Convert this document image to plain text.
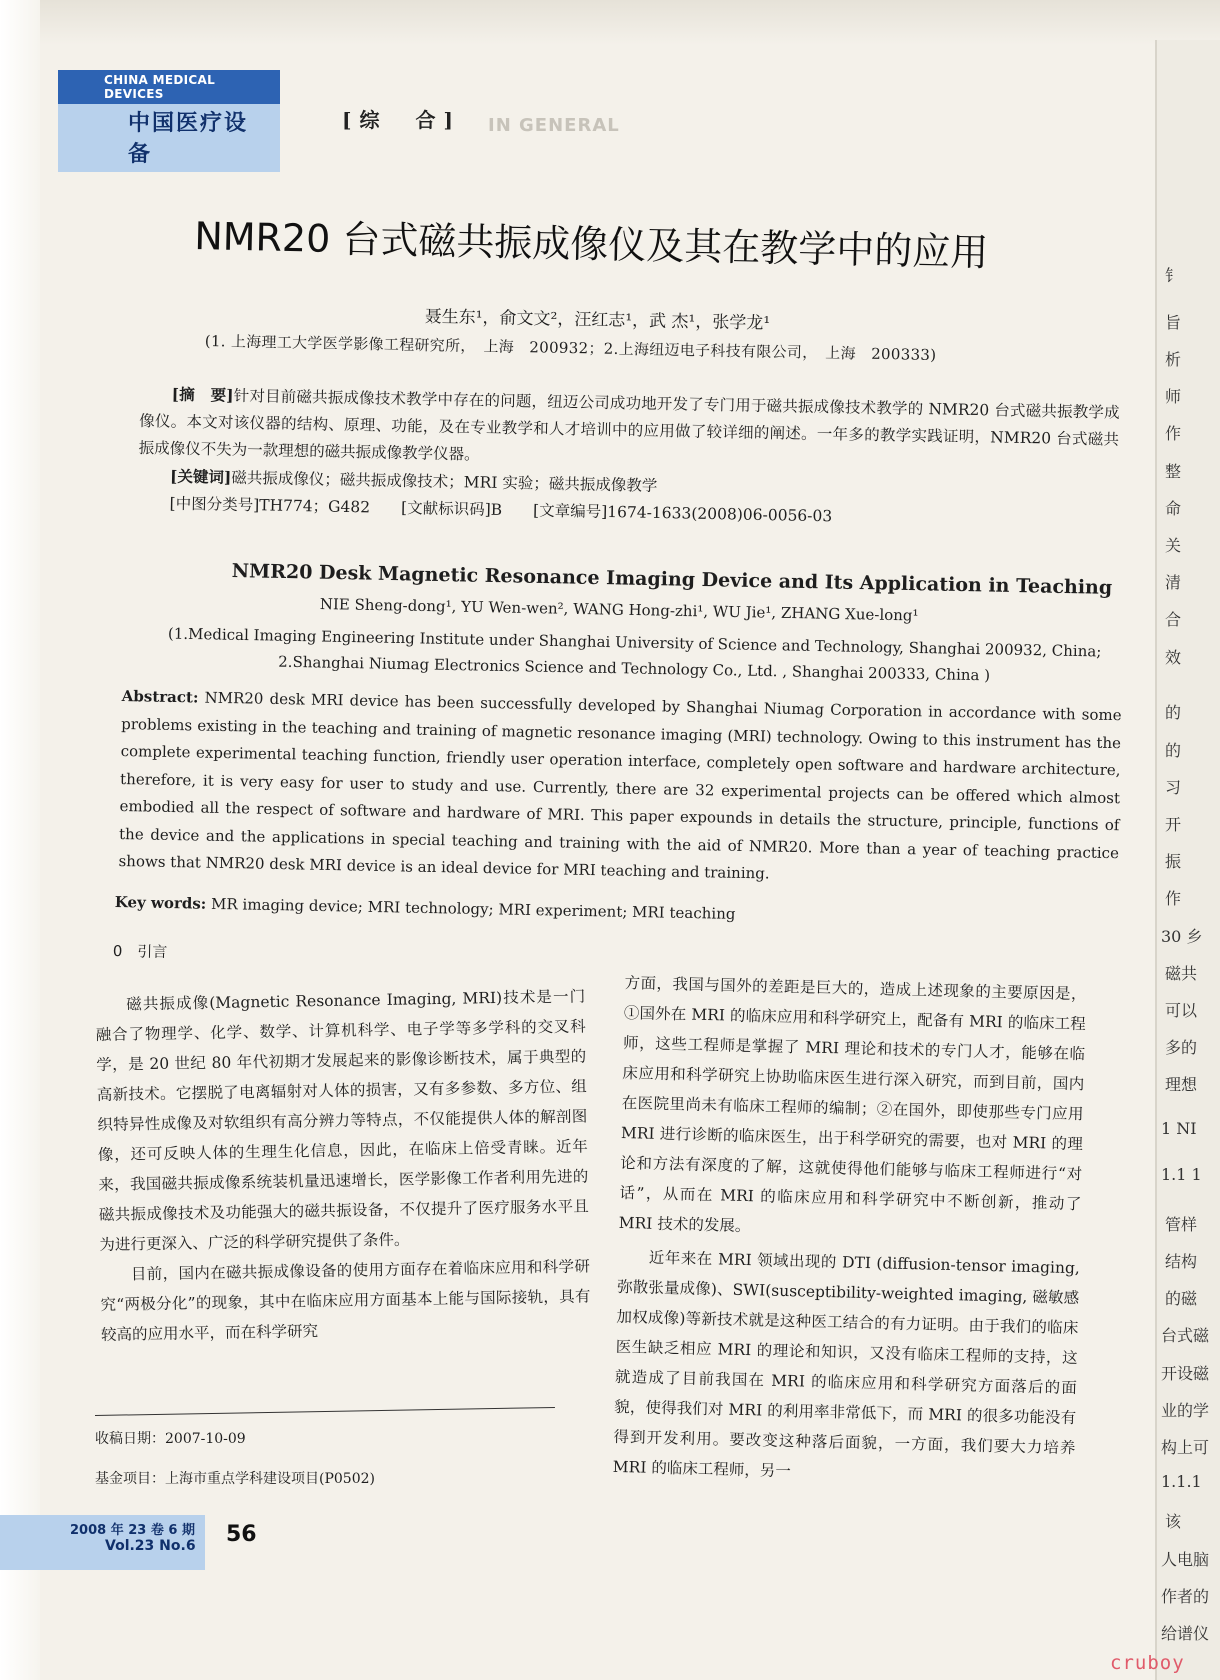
CHINA MEDICAL DEVICES
中国医疗设备
[综　合] IN GENERAL
NMR20 台式磁共振成像仪及其在教学中的应用
聂生东¹，俞文文²，汪红志¹，武 杰¹，张学龙¹
(1. 上海理工大学医学影像工程研究所，　上海　200932；2.上海纽迈电子科技有限公司，　上海　200333)

[摘　要]针对目前磁共振成像技术教学中存在的问题，纽迈公司成功地开发了专门用于磁共振成像技术教学的 NMR20 台式磁共振教学成像仪。本文对该仪器的结构、原理、功能，及在专业教学和人才培训中的应用做了较详细的阐述。一年多的教学实践证明，NMR20 台式磁共振成像仪不失为一款理想的磁共振成像教学仪器。

[关键词]磁共振成像仪；磁共振成像技术；MRI 实验；磁共振成像教学

[中图分类号]TH774；G482　　 [文献标识码]B　　 [文章编号]1674-1633(2008)06-0056-03

NMR20 Desk Magnetic Resonance Imaging Device and Its Application in Teaching
NIE Sheng-dong¹, YU Wen-wen², WANG Hong-zhi¹, WU Jie¹, ZHANG Xue-long¹
(1.Medical Imaging Engineering Institute under Shanghai University of Science and Technology, Shanghai 200932, China; 2.Shanghai Niumag Electronics Science and Technology Co., Ltd. , Shanghai 200333, China )

Abstract: NMR20 desk MRI device has been successfully developed by Shanghai Niumag Corporation in accordance with some problems existing in the teaching and training of magnetic resonance imaging (MRI) technology. Owing to this instrument has the complete experimental teaching function, friendly user operation interface, completely open software and hardware architecture, therefore, it is very easy for user to study and use. Currently, there are 32 experimental projects can be offered which almost embodied all the respect of software and hardware of MRI. This paper expounds in details the structure, principle, functions of the device and the applications in special teaching and training with the aid of NMR20. More than a year of teaching practice shows that NMR20 desk MRI device is an ideal device for MRI teaching and training.

Key words: MR imaging device; MRI technology; MRI experiment; MRI teaching
0　引言

磁共振成像(Magnetic Resonance Imaging, MRI)技术是一门融合了物理学、化学、数学、计算机科学、电子学等多学科的交叉科学，是 20 世纪 80 年代初期才发展起来的影像诊断技术，属于典型的高新技术。它摆脱了电离辐射对人体的损害，又有多参数、多方位、组织特异性成像及对软组织有高分辨力等特点，不仅能提供人体的解剖图像，还可反映人体的生理生化信息，因此，在临床上倍受青睐。近年来，我国磁共振成像系统装机量迅速增长，医学影像工作者利用先进的磁共振成像技术及功能强大的磁共振设备，不仅提升了医疗服务水平且为进行更深入、广泛的科学研究提供了条件。

目前，国内在磁共振成像设备的使用方面存在着临床应用和科学研究“两极分化”的现象，其中在临床应用方面基本上能与国际接轨，具有较高的应用水平，而在科学研究

方面，我国与国外的差距是巨大的，造成上述现象的主要原因是，①国外在 MRI 的临床应用和科学研究上，配备有 MRI 的临床工程师，这些工程师是掌握了 MRI 理论和技术的专门人才，能够在临床应用和科学研究上协助临床医生进行深入研究，而到目前，国内在医院里尚未有临床工程师的编制；②在国外，即使那些专门应用 MRI 进行诊断的临床医生，出于科学研究的需要，也对 MRI 的理论和方法有深度的了解，这就使得他们能够与临床工程师进行“对话”，从而在 MRI 的临床应用和科学研究中不断创新，推动了 MRI 技术的发展。

近年来在 MRI 领域出现的 DTI (diffusion-tensor imaging, 弥散张量成像)、SWI(susceptibility-weighted imaging, 磁敏感加权成像)等新技术就是这种医工结合的有力证明。由于我们的临床医生缺乏相应 MRI 的理论和知识，又没有临床工程师的支持，这就造成了目前我国在 MRI 的临床应用和科学研究方面落后的面貌，使得我们对 MRI 的利用率非常低下，而 MRI 的很多功能没有得到开发利用。要改变这种落后面貌，一方面，我们要大力培养 MRI 的临床工程师，另一

收稿日期：2007-10-09
基金项目：上海市重点学科建设项目(P0502)
2008 年 23 卷 6 期
Vol.23 No.6 56
钅
旨
析
师
作
整
命
关
清
合
效
的
的
习
开
振
作
30 乡
磁共
可以
多的
理想
1 NI
1.1 1
管样
结构
的磁
台式磁
开设磁
业的学
构上可
1.1.1
该
人电脑
作者的
给谱仪
cruboy
